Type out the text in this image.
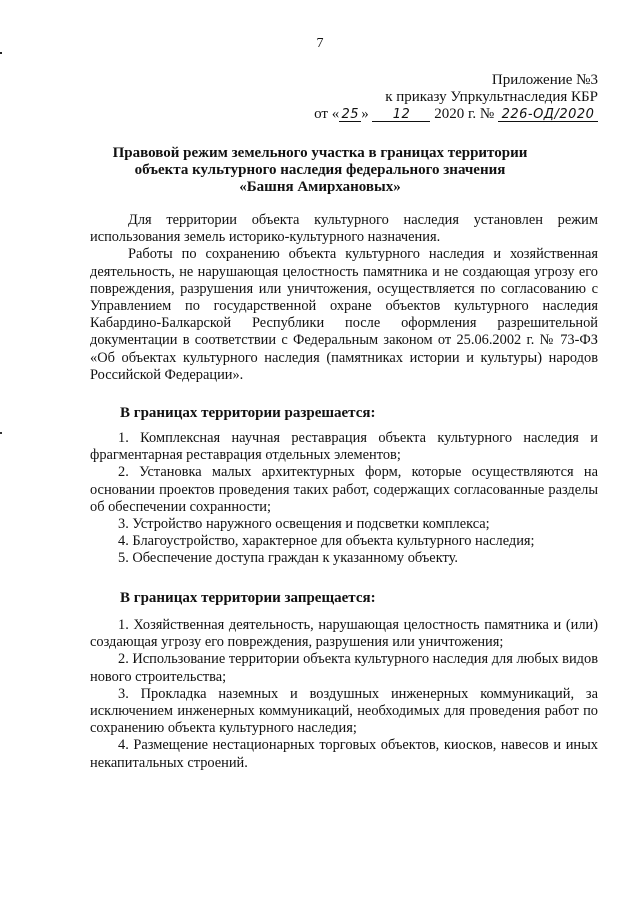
7
Приложение №3
к приказу Упркультнаследия КБР
от « 25 » 12 2020 г. № 226-ОД/2020
Правовой режим земельного участка в границах территории
объекта культурного наследия федерального значения
«Башня Амирхановых»

Для территории объекта культурного наследия установлен режим использования земель историко-культурного назначения.

Работы по сохранению объекта культурного наследия и хозяйственная деятельность, не нарушающая целостность памятника и не создающая угрозу его повреждения, разрушения или уничтожения, осуществляется по согласованию с Управлением по государственной охране объектов культурного наследия Кабардино-Балкарской Республики после оформления разрешительной документации в соответствии с Федеральным законом от 25.06.2002 г. № 73-ФЗ «Об объектах культурного наследия (памятниках истории и культуры) народов Российской Федерации».

В границах территории разрешается:

1. Комплексная научная реставрация объекта культурного наследия и фрагментарная реставрация отдельных элементов;

2. Установка малых архитектурных форм, которые осуществляются на основании проектов проведения таких работ, содержащих согласованные разделы об обеспечении сохранности;

3. Устройство наружного освещения и подсветки комплекса;

4. Благоустройство, характерное для объекта культурного наследия;

5. Обеспечение доступа граждан к указанному объекту.

В границах территории запрещается:

1. Хозяйственная деятельность, нарушающая целостность памятника и (или) создающая угрозу его повреждения, разрушения или уничтожения;

2. Использование территории объекта культурного наследия для любых видов нового строительства;

3. Прокладка наземных и воздушных инженерных коммуникаций, за исключением инженерных коммуникаций, необходимых для проведения работ по сохранению объекта культурного наследия;

4. Размещение нестационарных торговых объектов, киосков, навесов и иных некапитальных строений.
